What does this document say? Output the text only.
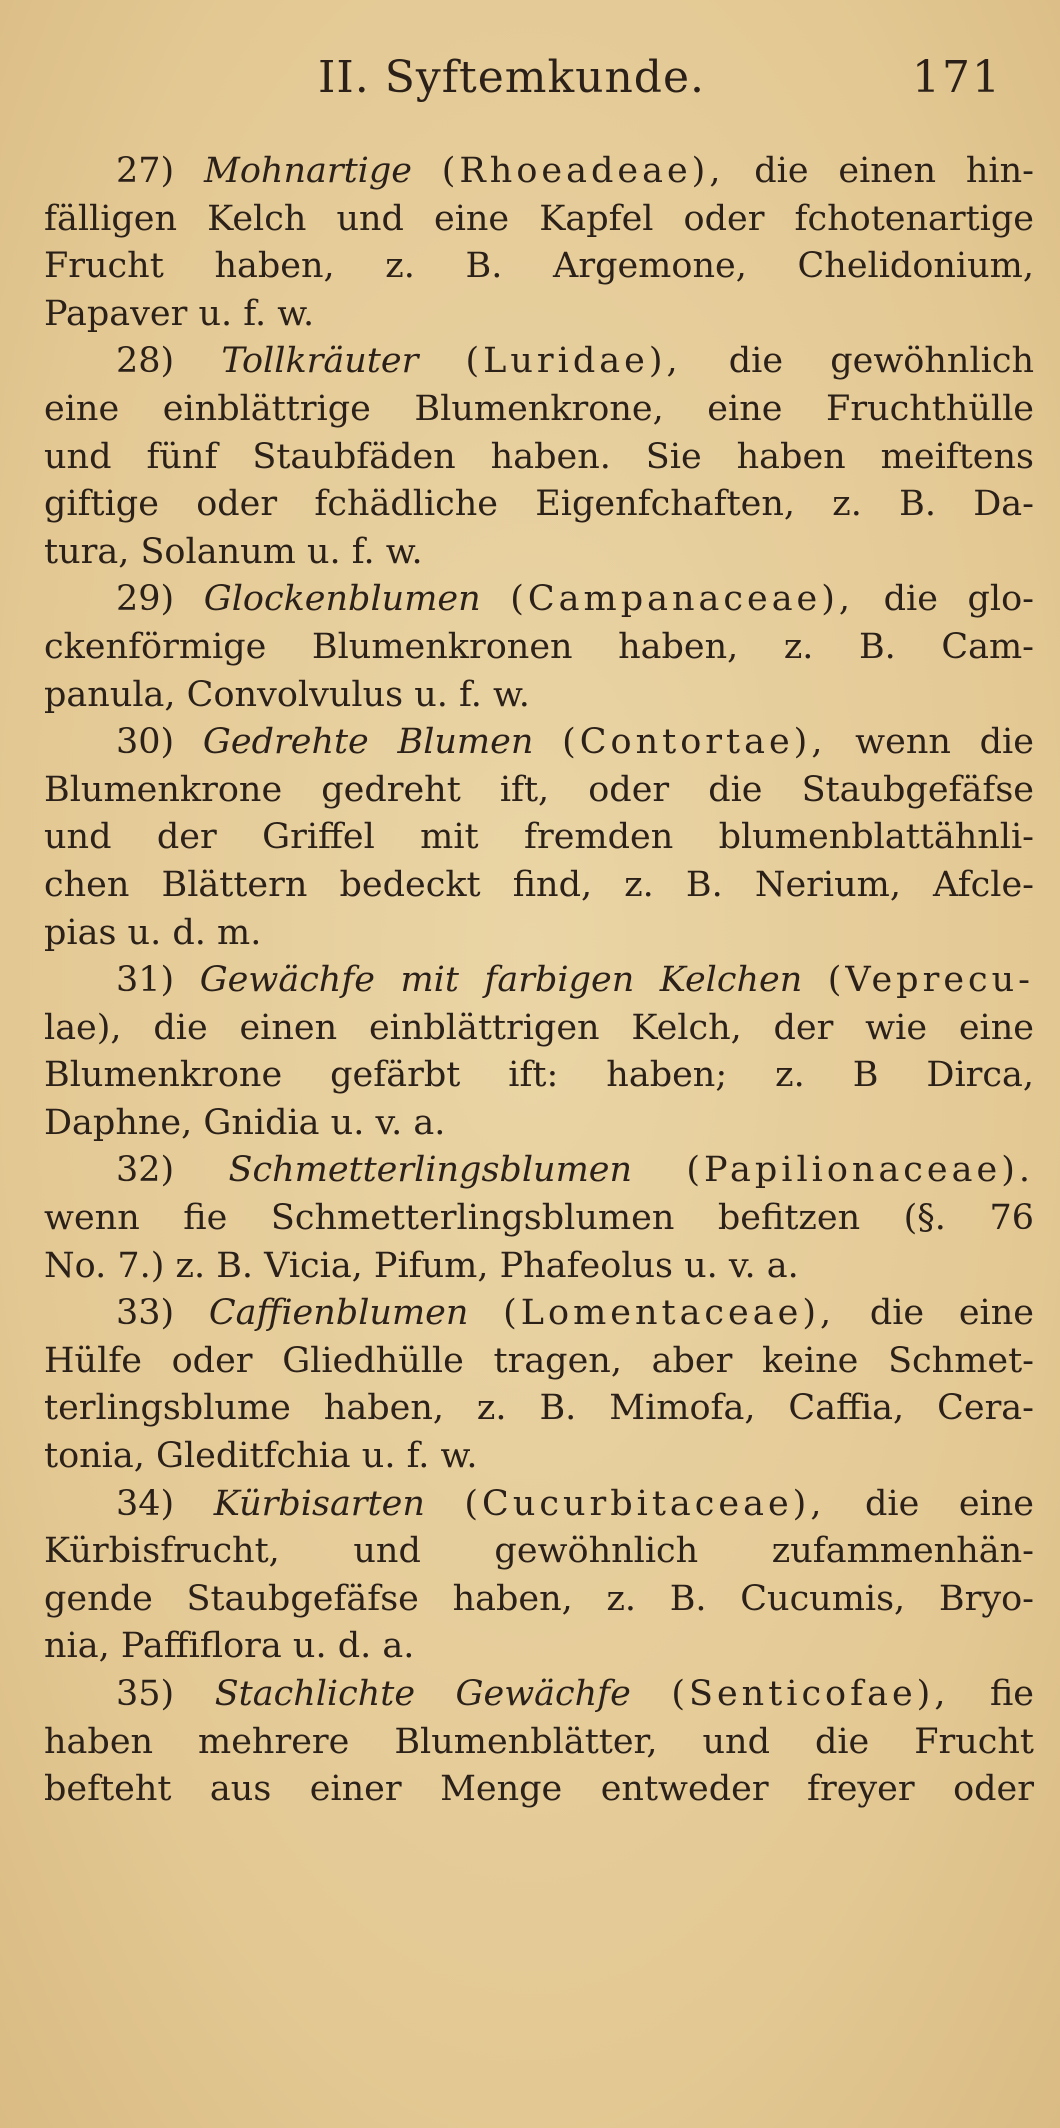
II. Syftemkunde.	171
27) Mohnartige (Rhoeadeae), die einen hin-
fälligen Kelch und eine Kapfel oder fchotenartige
Frucht haben, z. B. Argemone, Chelidonium,
Papaver u. f. w.
28) Tollkräuter (Luridae), die gewöhnlich
eine einblättrige Blumenkrone, eine Fruchthülle
und fünf Staubfäden haben. Sie haben meiftens
giftige oder fchädliche Eigenfchaften, z. B. Da-
tura, Solanum u. f. w.
29) Glockenblumen (Campanaceae), die glo-
ckenförmige Blumenkronen haben, z. B. Cam-
panula, Convolvulus u. f. w.
30) Gedrehte Blumen (Contortae), wenn die
Blumenkrone gedreht ift, oder die Staubgefäfse
und der Griffel mit fremden blumenblattähnli-
chen Blättern bedeckt find, z. B. Nerium, Afcle-
pias u. d. m.
31) Gewächfe mit farbigen Kelchen (Veprecu-
lae), die einen einblättrigen Kelch, der wie eine
Blumenkrone gefärbt ift: haben; z. B Dirca,
Daphne, Gnidia u. v. a.
32) Schmetterlingsblumen (Papilionaceae).
wenn fie Schmetterlingsblumen befitzen (§. 76
No. 7.) z. B. Vicia, Pifum, Phafeolus u. v. a.
33) Caffienblumen (Lomentaceae), die eine
Hülfe oder Gliedhülle tragen, aber keine Schmet-
terlingsblume haben, z. B. Mimofa, Caffia, Cera-
tonia, Gleditfchia u. f. w.
34) Kürbisarten (Cucurbitaceae), die eine
Kürbisfrucht, und gewöhnlich zufammenhän-
gende Staubgefäfse haben, z. B. Cucumis, Bryo-
nia, Paffiflora u. d. a.
35) Stachlichte Gewächfe (Senticofae), fie
haben mehrere Blumenblätter, und die Frucht
befteht aus einer Menge entweder freyer oder
